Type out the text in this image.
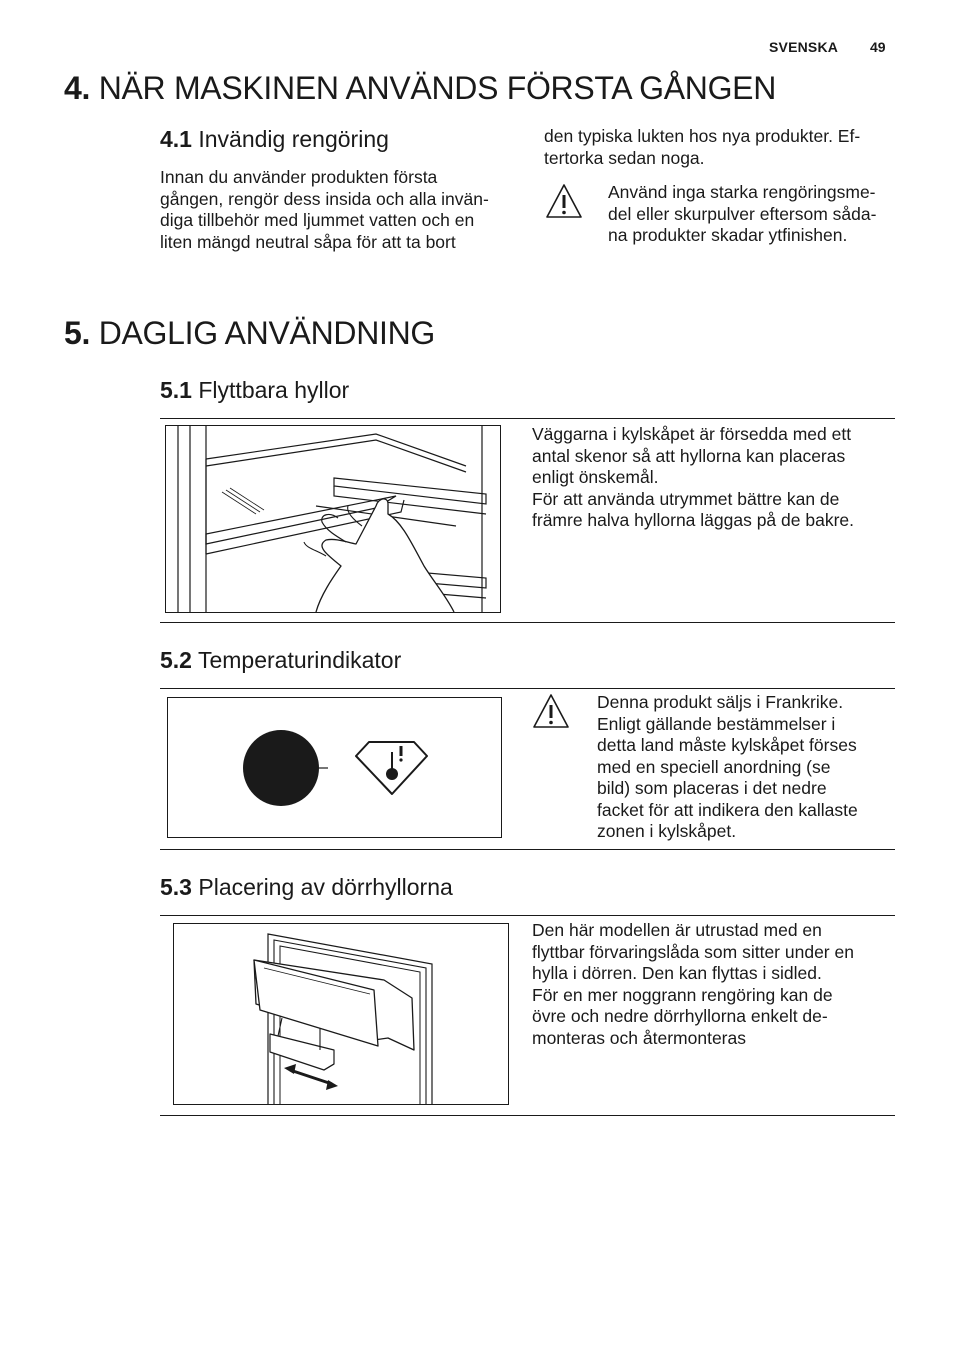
SVENSKA 49
4. NÄR MASKINEN ANVÄNDS FÖRSTA GÅNGEN
4.1 Invändig rengöring
Innan du använder produkten första
gången, rengör dess insida och alla invän-
diga tillbehör med ljummet vatten och en
liten mängd neutral såpa för att ta bort
den typiska lukten hos nya produkter. Ef-
tertorka sedan noga.
Använd inga starka rengöringsme-
del eller skurpulver eftersom såda-
na produkter skadar ytfinishen.
5. DAGLIG ANVÄNDNING
5.1 Flyttbara hyllor
Väggarna i kylskåpet är försedda med ett
antal skenor så att hyllorna kan placeras
enligt önskemål.
För att använda utrymmet bättre kan de
främre halva hyllorna läggas på de bakre.
5.2 Temperaturindikator
Denna produkt säljs i Frankrike.
Enligt gällande bestämmelser i
detta land måste kylskåpet förses
med en speciell anordning (se
bild) som placeras i det nedre
facket för att indikera den kallaste
zonen i kylskåpet.
5.3 Placering av dörrhyllorna
Den här modellen är utrustad med en
flyttbar förvaringslåda som sitter under en
hylla i dörren. Den kan flyttas i sidled.
För en mer noggrann rengöring kan de
övre och nedre dörrhyllorna enkelt de-
monteras och återmonteras
